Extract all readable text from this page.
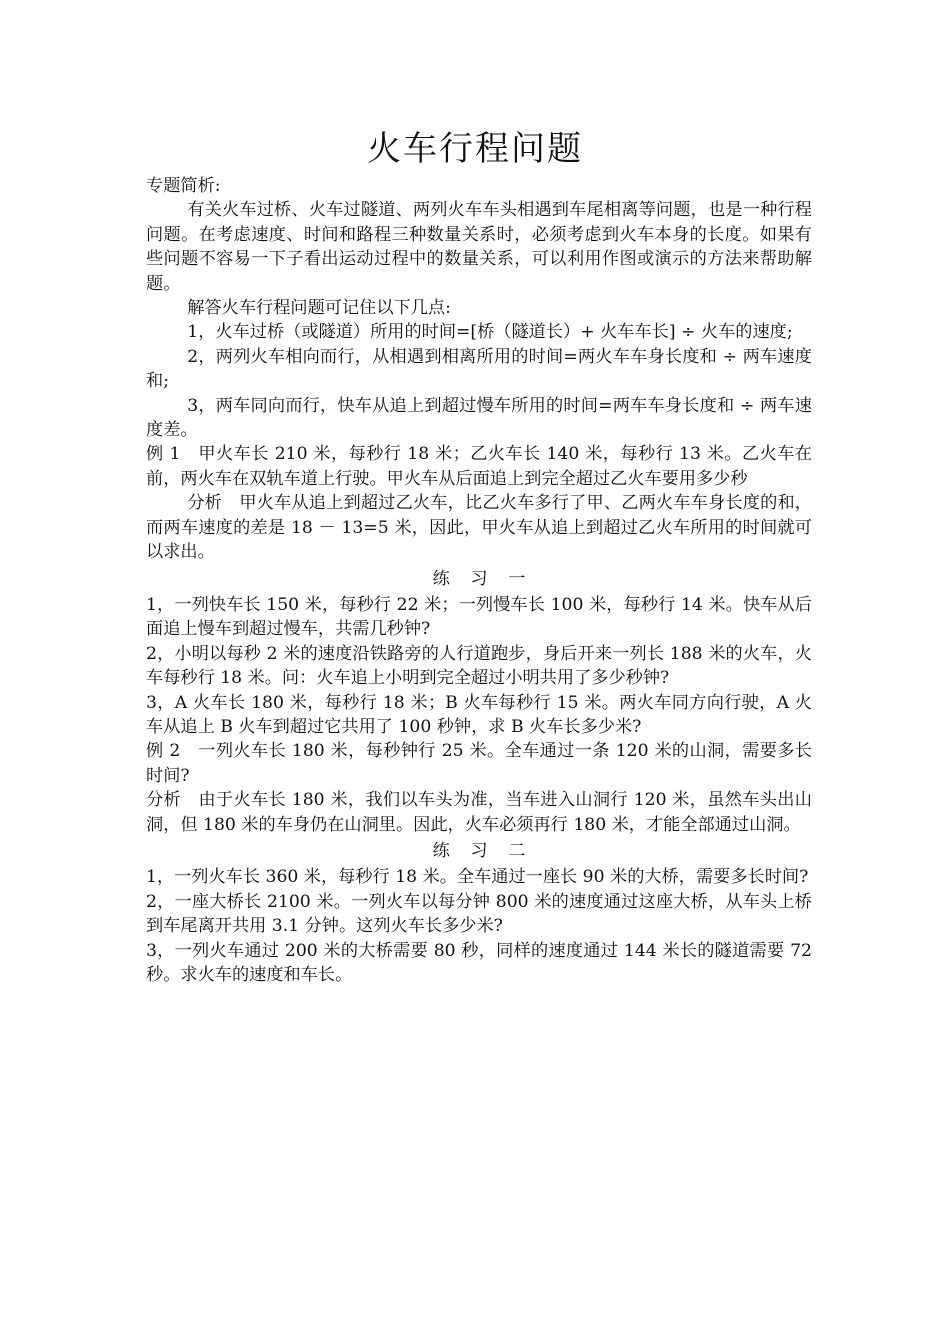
火车行程问题

专题简析:

有关火车过桥、火车过隧道、两列火车车头相遇到车尾相离等问题，也是一种行程问题。在考虑速度、时间和路程三种数量关系时，必须考虑到火车本身的长度。如果有些问题不容易一下子看出运动过程中的数量关系，可以利用作图或演示的方法来帮助解题。

解答火车行程问题可记住以下几点:

1，火车过桥（或隧道）所用的时间=[桥（隧道长）+ 火车车长] ÷ 火车的速度;

2，两列火车相向而行，从相遇到相离所用的时间=两火车车身长度和 ÷ 两车速度和;

3，两车同向而行，快车从追上到超过慢车所用的时间=两车车身长度和 ÷ 两车速度差。

例 1　甲火车长 210 米，每秒行 18 米；乙火车长 140 米，每秒行 13 米。乙火车在前，两火车在双轨车道上行驶。甲火车从后面追上到完全超过乙火车要用多少秒

分析　甲火车从追上到超过乙火车，比乙火车多行了甲、乙两火车车身长度的和，而两车速度的差是 18 － 13=5 米，因此，甲火车从追上到超过乙火车所用的时间就可以求出。

练习一

1，一列快车长 150 米，每秒行 22 米；一列慢车长 100 米，每秒行 14 米。快车从后面追上慢车到超过慢车，共需几秒钟?

2，小明以每秒 2 米的速度沿铁路旁的人行道跑步，身后开来一列长 188 米的火车，火车每秒行 18 米。问：火车追上小明到完全超过小明共用了多少秒钟?

3，A 火车长 180 米，每秒行 18 米；B 火车每秒行 15 米。两火车同方向行驶，A 火车从追上 B 火车到超过它共用了 100 秒钟，求 B 火车长多少米?

例 2　一列火车长 180 米，每秒钟行 25 米。全车通过一条 120 米的山洞，需要多长时间?

分析　由于火车长 180 米，我们以车头为准，当车进入山洞行 120 米，虽然车头出山洞，但 180 米的车身仍在山洞里。因此，火车必须再行 180 米，才能全部通过山洞。

练习二

1，一列火车长 360 米，每秒行 18 米。全车通过一座长 90 米的大桥，需要多长时间?

2，一座大桥长 2100 米。一列火车以每分钟 800 米的速度通过这座大桥，从车头上桥到车尾离开共用 3.1 分钟。这列火车长多少米?

3，一列火车通过 200 米的大桥需要 80 秒，同样的速度通过 144 米长的隧道需要 72 秒。求火车的速度和车长。
